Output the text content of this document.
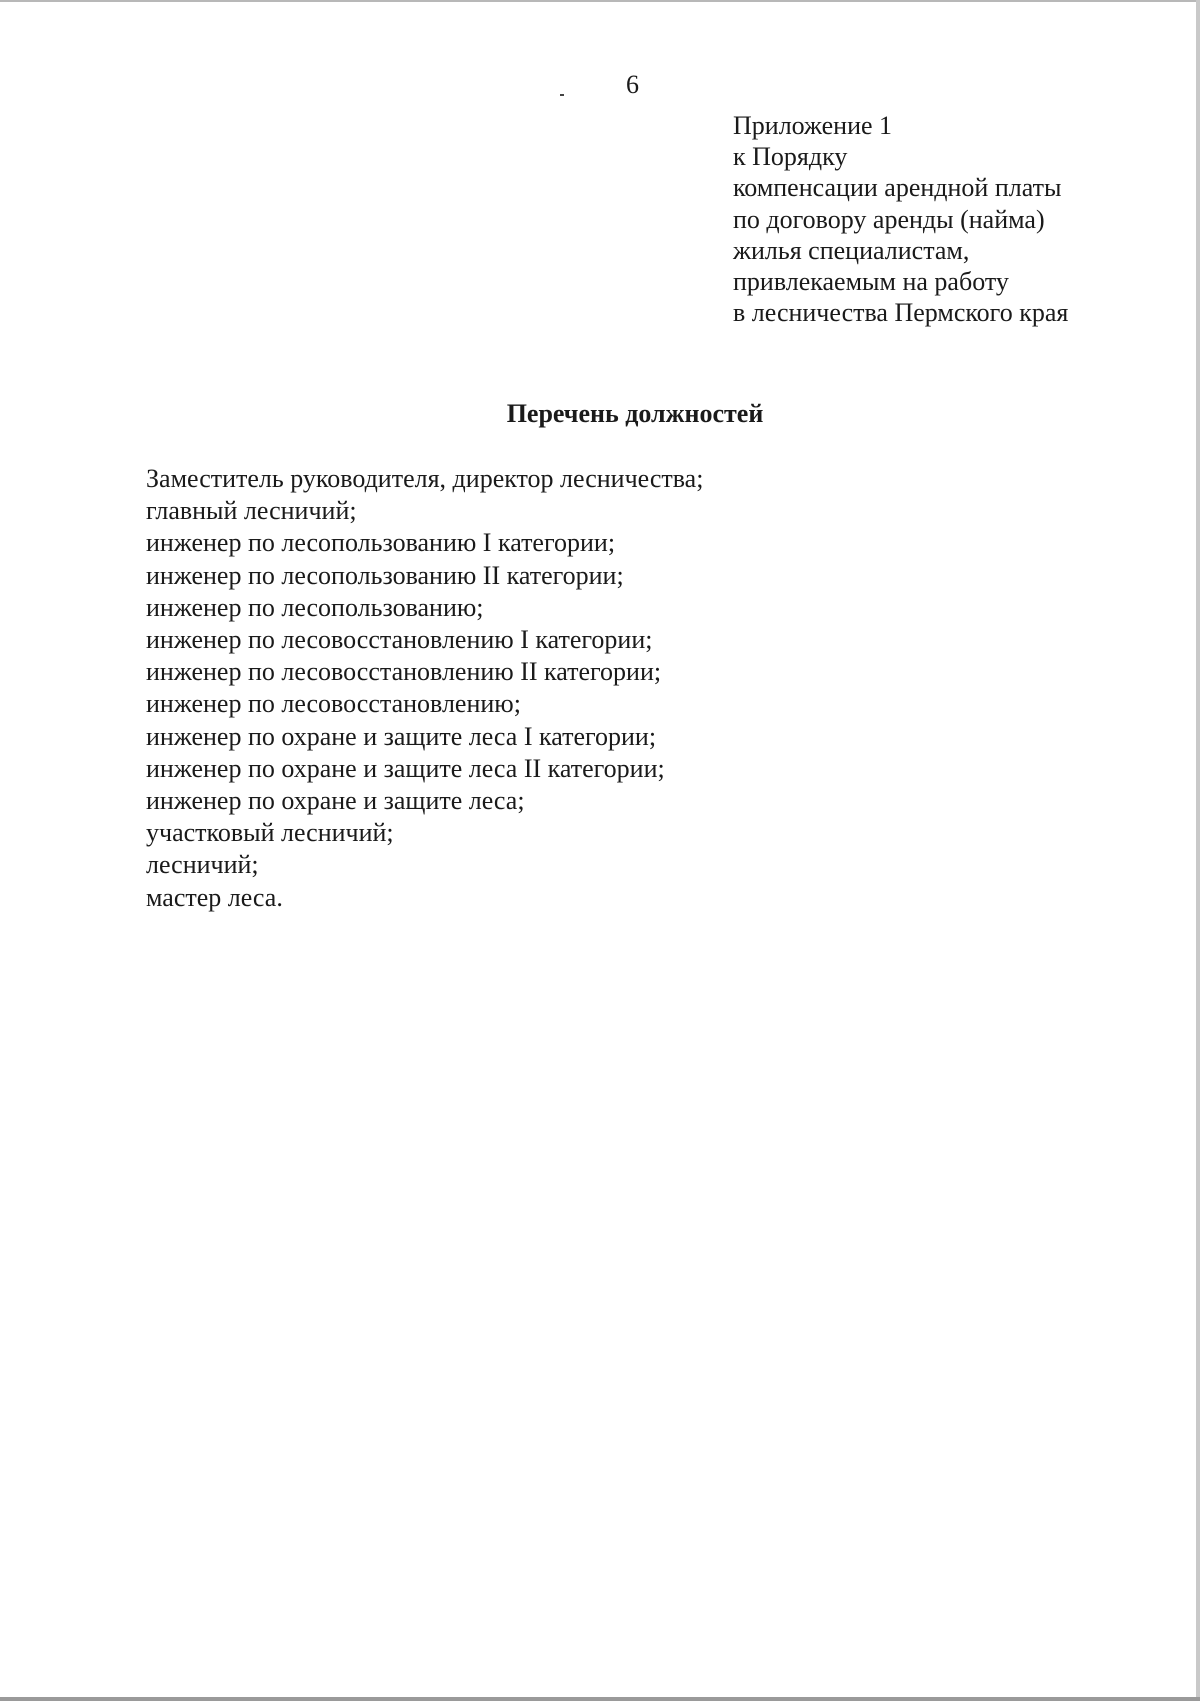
6
Приложение 1
к Порядку
компенсации арендной платы
по договору аренды (найма)
жилья специалистам,
привлекаемым на работу
в лесничества Пермского края
Перечень должностей
Заместитель руководителя, директор лесничества;
главный лесничий;
инженер по лесопользованию I категории;
инженер по лесопользованию II категории;
инженер по лесопользованию;
инженер по лесовосстановлению I категории;
инженер по лесовосстановлению II категории;
инженер по лесовосстановлению;
инженер по охране и защите леса I категории;
инженер по охране и защите леса II категории;
инженер по охране и защите леса;
участковый лесничий;
лесничий;
мастер леса.
